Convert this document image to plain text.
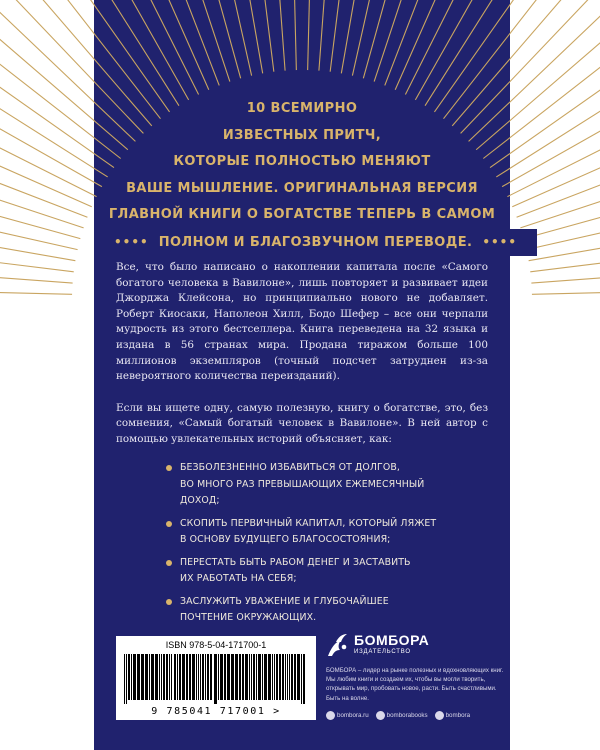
10 ВСЕМИРНО
ИЗВЕСТНЫХ ПРИТЧ,
КОТОРЫЕ ПОЛНОСТЬЮ МЕНЯЮТ
ВАШЕ МЫШЛЕНИЕ. ОРИГИНАЛЬНАЯ ВЕРСИЯ
ГЛАВНОЙ КНИГИ О БОГАТСТВЕ ТЕПЕРЬ В САМОМ
•••• ПОЛНОМ И БЛАГОЗВУЧНОМ ПЕРЕВОДЕ. ••••

Все, что было написано о накоплении капитала после «Самого богатого человека в Вавилоне», лишь повторяет и развивает идеи Джорджа Клейсона, но принципиально нового не добавляет. Роберт Киосаки, Наполеон Хилл, Бодо Шефер – все они черпали мудрость из этого бестселлера. Книга переведена на 32 языка и издана в 56 странах мира. Продана тиражом больше 100 миллионов экземпляров (точный подсчет затруднен из-за невероятного количества переизданий).

Если вы ищете одну, самую полезную, книгу о богатстве, это, без сомнения, «Самый богатый человек в Вавилоне». В ней автор с помощью увлекательных историй объясняет, как:

БЕЗБОЛЕЗНЕННО ИЗБАВИТЬСЯ ОТ ДОЛГОВ,
ВО МНОГО РАЗ ПРЕВЫШАЮЩИХ ЕЖЕМЕСЯЧНЫЙ ДОХОД;
СКОПИТЬ ПЕРВИЧНЫЙ КАПИТАЛ, КОТОРЫЙ ЛЯЖЕТ
В ОСНОВУ БУДУЩЕГО БЛАГОСОСТОЯНИЯ;
ПЕРЕСТАТЬ БЫТЬ РАБОМ ДЕНЕГ И ЗАСТАВИТЬ
ИХ РАБОТАТЬ НА СЕБЯ;
ЗАСЛУЖИТЬ УВАЖЕНИЕ И ГЛУБОЧАЙШЕЕ
ПОЧТЕНИЕ ОКРУЖАЮЩИХ.
ISBN 978-5-04-171700-1
9 785041 717001 >
БОМБОРА
ИЗДАТЕЛЬСТВО
БОМБОРА – лидер на рынке полезных и вдохновляющих книг. Мы любим книги и создаем их, чтобы вы могли творить, открывать мир, пробовать новое, расти. Быть счастливыми. Быть на волне.
bombora.ru	bomborabooks	bombora
